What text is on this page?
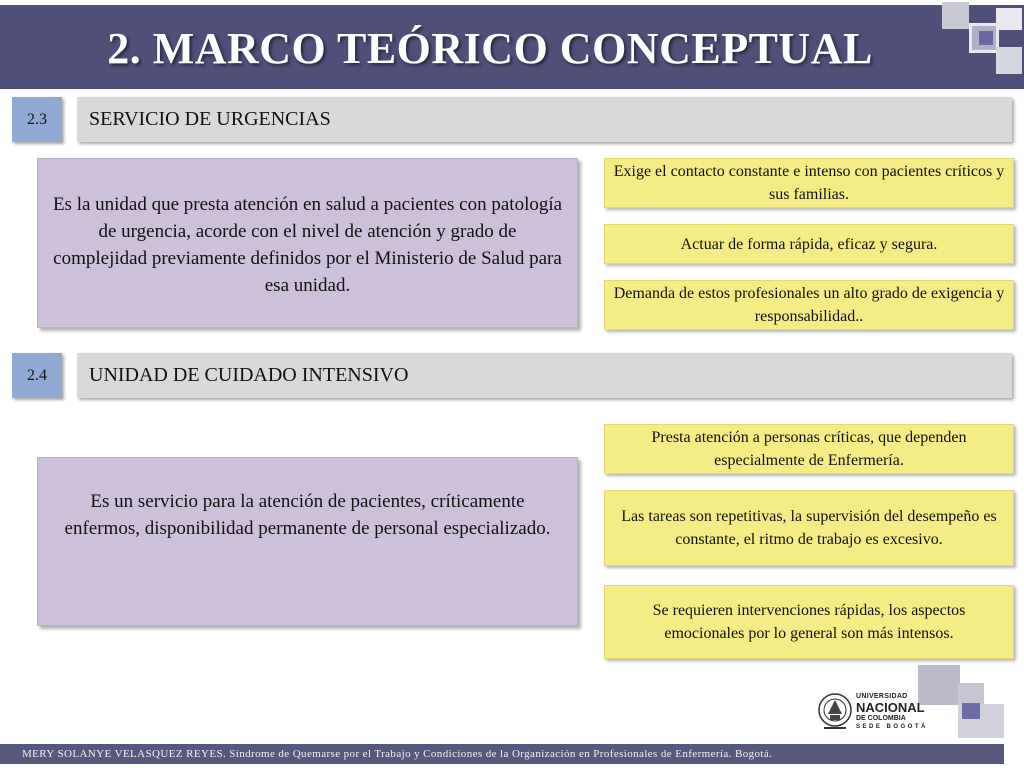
2. MARCO TEÓRICO CONCEPTUAL
2.3	SERVICIO DE URGENCIAS
Es la unidad que presta atención en salud a pacientes con patología de urgencia, acorde con el nivel de atención y grado de complejidad previamente definidos por el Ministerio de Salud para esa unidad.
Exige el contacto constante e intenso con pacientes críticos y sus familias.
Actuar de forma rápida, eficaz y segura.
Demanda de estos profesionales un alto grado de exigencia y responsabilidad..
2.4	UNIDAD DE CUIDADO INTENSIVO
Es un servicio para la atención de pacientes, críticamente enfermos, disponibilidad permanente de personal especializado.
Presta atención a personas críticas, que dependen especialmente de Enfermería.
Las tareas son repetitivas, la supervisión del desempeño es constante, el ritmo de trabajo es excesivo.
Se requieren intervenciones rápidas, los aspectos emocionales por lo general son más intensos.
UNIVERSIDAD
NACIONAL
DE COLOMBIA
SEDE BOGOTÁ
MERY SOLANYE VELASQUEZ REYES. Síndrome de Quemarse por el Trabajo y Condiciones de la Organización en Profesionales de Enfermería. Bogotá.
